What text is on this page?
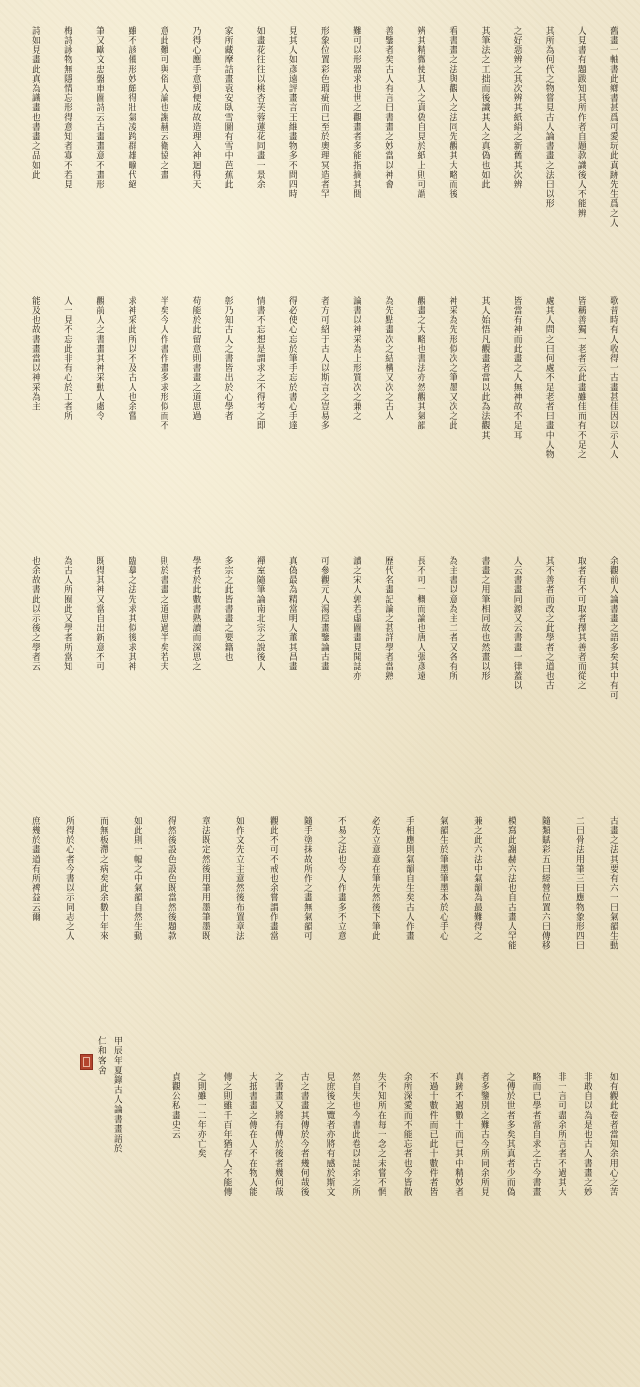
舊畫一軸書此鄉書甚爲可愛玩此真跡先生爲之人
人見書有題跋知其所作者自題款識後人不能辨
其所為何代之物嘗見古人論書畫之法曰以形
之好惡辨之其次辨其紙絹之新舊其次辨
其筆法之工拙而後識其人之真偽也如此
看書畫之法與觀人之法同先觀其大略而後
辨其精微使其人之真偽自見於紙上則可謂
善鑒者矣古人有言曰書畫之妙當以神會
難可以形器求也世之觀畫者多能指摘其間
形象位置彩色瑕疵而已至於奧理冥造者罕
見其人如彥遠評畫言王維畫物多不問四時
如畫花往往以桃杏芙蓉蓮花同畫一景余
家所藏摩詰畫袁安臥雪圖有雪中芭蕉此
乃得心應手意到便成故造理入神迴得天
意此難可與俗人論也謝赫云衛協之畫
雖不該備形妙頗得壯氣凌跨群雄曠代絕
筆又歐文忠盤車圖詩云古畫畫意不畫形
梅詩詠物無隱情忘形得意知者寡不若見
詩如見畫此真為識畫也書畫之品如此
歌昔時有人收得一古畫甚佳因以示人人
皆稱善獨一老者云此畫雖佳而有不足之
處其人問之曰何處不足老者曰畫中人物
皆當有神而此畫之人無神故不足耳
其人始悟凡觀畫者當以此為法觀其
神采為先形似次之筆墨又次之此
觀畫之大略也書法亦然觀其氣韻
為先點畫次之結構又次之古人
論書以神采為上形質次之兼之
者方可紹于古人以斯言之豈易多
得必使心忘於筆手忘於書心手達
情書不忘想是謂求之不得考之即
彰乃知古人之書皆出於心學者
苟能於此留意則書畫之道思過
半矣今人作書作畫多求形似而不
求神采此所以不及古人也余嘗
觀前人之書畫其神采動人處令
人一見不忘此非有心於工者所
能及也故書畫當以神采為主
余觀前人論書畫之語多矣其中有可
取者有不可取者擇其善者而從之
其不善者而改之此學者之道也古
人云書畫同源又云書畫一律蓋以
書畫之用筆相同故也然畫以形
為主書以意為主二者又各有所
長不可一概而論也唐人張彥遠
歷代名畫記論之甚詳學者當熟
讀之宋人郭若虛圖畫見聞誌亦
可參觀元人湯垕畫鑒論古畫
真偽最為精當明人董其昌畫
禪室隨筆論南北宗之說後人
多宗之此皆書畫之要籍也
學者於此數書熟讀而深思之
則於書畫之道思過半矣若夫
臨摹之法先求其似後求其神
既得其神又當自出新意不可
為古人所囿此又學者所當知
也余故書此以示後之學者云
古畫之法其要有六一曰氣韻生動
二曰骨法用筆三曰應物象形四曰
隨類賦彩五曰經營位置六曰傳移
模寫此謝赫六法也自古畫人罕能
兼之此六法中氣韻為最難得之
氣韻生於筆墨筆墨本於心手心
手相應則氣韻自生矣古人作畫
必先立意意在筆先然後下筆此
不易之法也今人作畫多不立意
隨手塗抹故所作之畫無氣韻可
觀此不可不戒也余嘗謂作畫當
如作文先立主意然後布置章法
章法既定然後用筆用墨筆墨既
得然後設色設色既當然後題款
如此則一幅之中氣韻自然生動
而無板滯之病矣此余數十年來
所得於心者今書以示同志之人
庶幾於畫道有所裨益云爾
如有觀此卷者當知余用心之苦
非敢自以為是也古人書畫之妙
非一言可盡余所言者不過其大
略而已學者當自求之古今書畫
之傳於世者多矣其真者少而偽
者多鑒別之難古今所同余所見
真跡不過數十而已其中精妙者
不過十數件而已此十數件者皆
余所深愛而不能忘者也今皆散
失不知所在每一念之未嘗不惘
然自失也今書此卷以誌余之所
見庶後之覽者亦將有感於斯文
古之書畫其傳於今者幾何哉後
之書畫又將有傳於後者幾何哉
大抵書畫之傳在人不在物人能
傳之則雖千百年猶存人不能傳
之則雖一二年亦亡矣
貞觀公私畫史云
甲辰年夏錄古人論書畫語於
仁和客舍
